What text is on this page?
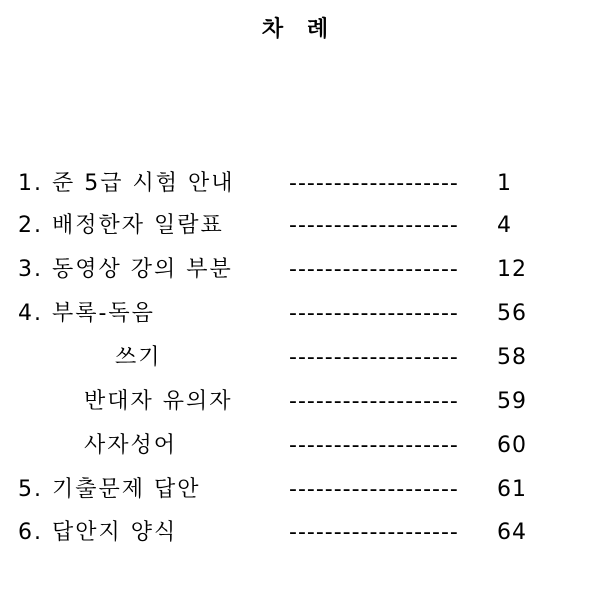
차 례
1. 준 5급 시험 안내 ------------------- 1
2. 배정한자 일람표	------------------- 4
3. 동영상 강의 부분	------------------- 12
4. 부록-독음	------------------- 56
쓰기	------------------- 58
반대자 유의자	------------------- 59
사자성어	------------------- 60
5. 기출문제 답안	------------------- 61
6. 답안지 양식	------------------- 64
